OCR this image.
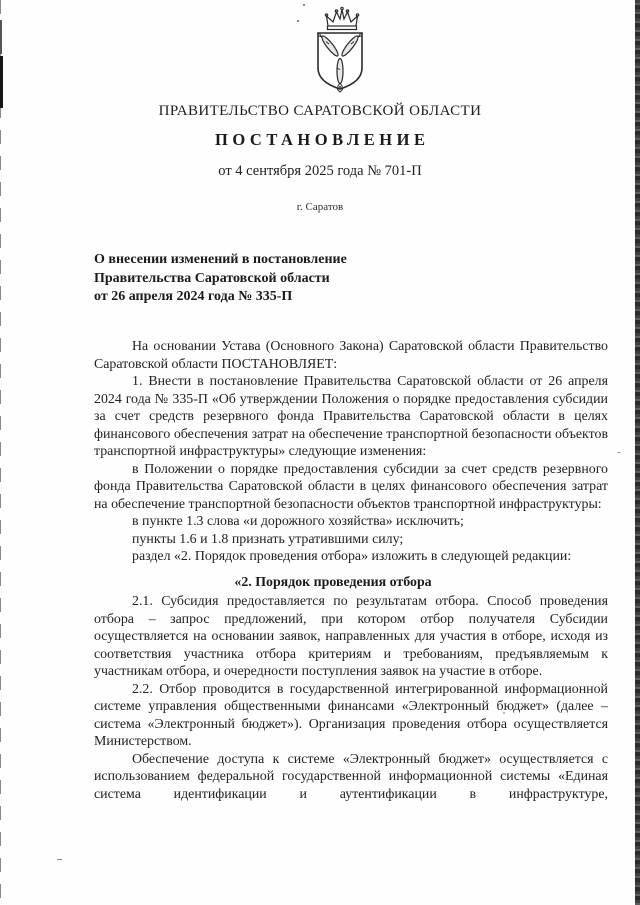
ПРАВИТЕЛЬСТВО САРАТОВСКОЙ ОБЛАСТИ
ПОСТАНОВЛЕНИЕ
от 4 сентября 2025 года № 701-П
г. Саратов
О внесении изменений в постановление
Правительства Саратовской области
от 26 апреля 2024 года № 335-П

На основании Устава (Основного Закона) Саратовской области Правительство Саратовской области ПОСТАНОВЛЯЕТ:

1. Внести в постановление Правительства Саратовской области от 26 апреля 2024 года № 335-П «Об утверждении Положения о порядке предоставления субсидии за счет средств резервного фонда Правительства Саратовской области в целях финансового обеспечения затрат на обеспечение транспортной безопасности объектов транспортной инфраструктуры» следующие изменения:

в Положении о порядке предоставления субсидии за счет средств резервного фонда Правительства Саратовской области в целях финансового обеспечения затрат на обеспечение транспортной безопасности объектов транспортной инфраструктуры:

в пункте 1.3 слова «и дорожного хозяйства» исключить;

пункты 1.6 и 1.8 признать утратившими силу;

раздел «2. Порядок проведения отбора» изложить в следующей редакции:

«2. Порядок проведения отбора

2.1. Субсидия предоставляется по результатам отбора. Способ проведения отбора – запрос предложений, при котором отбор получателя Субсидии осуществляется на основании заявок, направленных для участия в отборе, исходя из соответствия участника отбора критериям и требованиям, предъявляемым к участникам отбора, и очередности поступления заявок на участие в отборе.

2.2. Отбор проводится в государственной интегрированной информационной системе управления общественными финансами «Электронный бюджет» (далее – система «Электронный бюджет»). Организация проведения отбора осуществляется Министерством.

Обеспечение доступа к системе «Электронный бюджет» осуществляется с использованием федеральной государственной информационной системы «Единая система идентификации и аутентификации в инфраструктуре,
